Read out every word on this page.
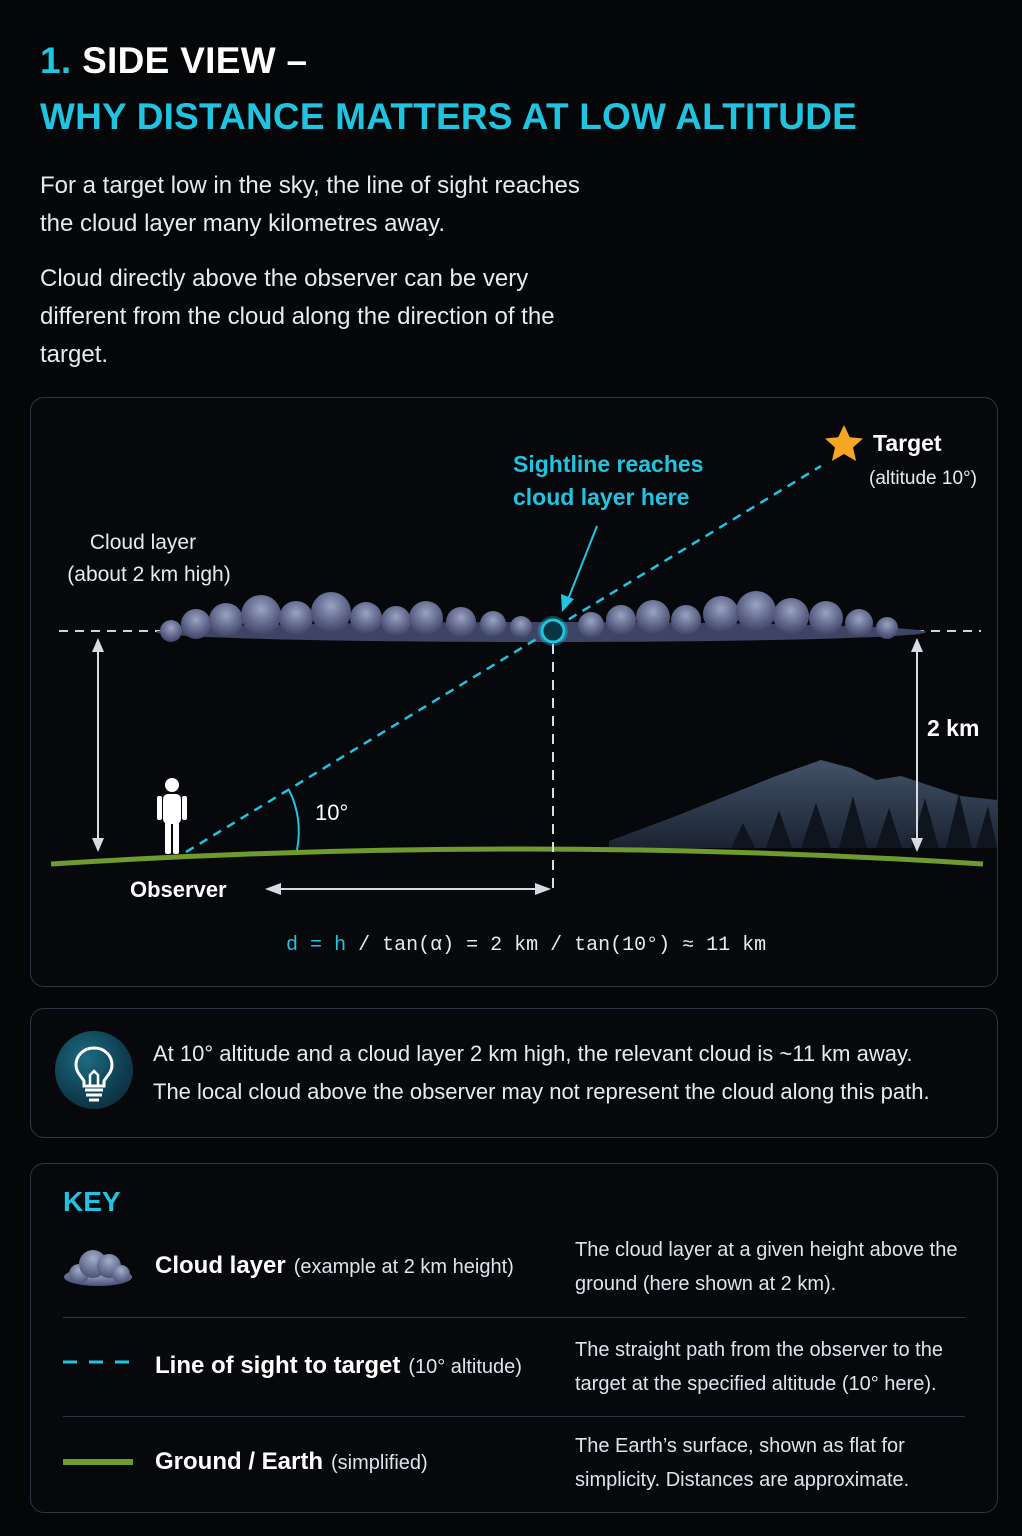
1. SIDE VIEW –
WHY DISTANCE MATTERS AT LOW ALTITUDE

For a target low in the sky, the line of sight reaches the cloud layer many kilometres away.

Cloud directly above the observer can be very different from the cloud along the direction of the target.

Cloud layer
(about 2 km high)
Sightline reaches
cloud layer here
Target
(altitude 10°)
2 km
10°
Observer
d = h / tan(α) = 2 km / tan(10°) ≈ 11 km

At 10° altitude and a cloud layer 2 km high, the relevant cloud is ~11 km away.
The local cloud above the observer may not represent the cloud along this path.

KEY
Cloud layer (example at 2 km height)

The cloud layer at a given height above the ground (here shown at 2 km).

Line of sight to target (10° altitude)

The straight path from the observer to the target at the specified altitude (10° here).

Ground / Earth (simplified)

The Earth’s surface, shown as flat for simplicity. Distances are approximate.
